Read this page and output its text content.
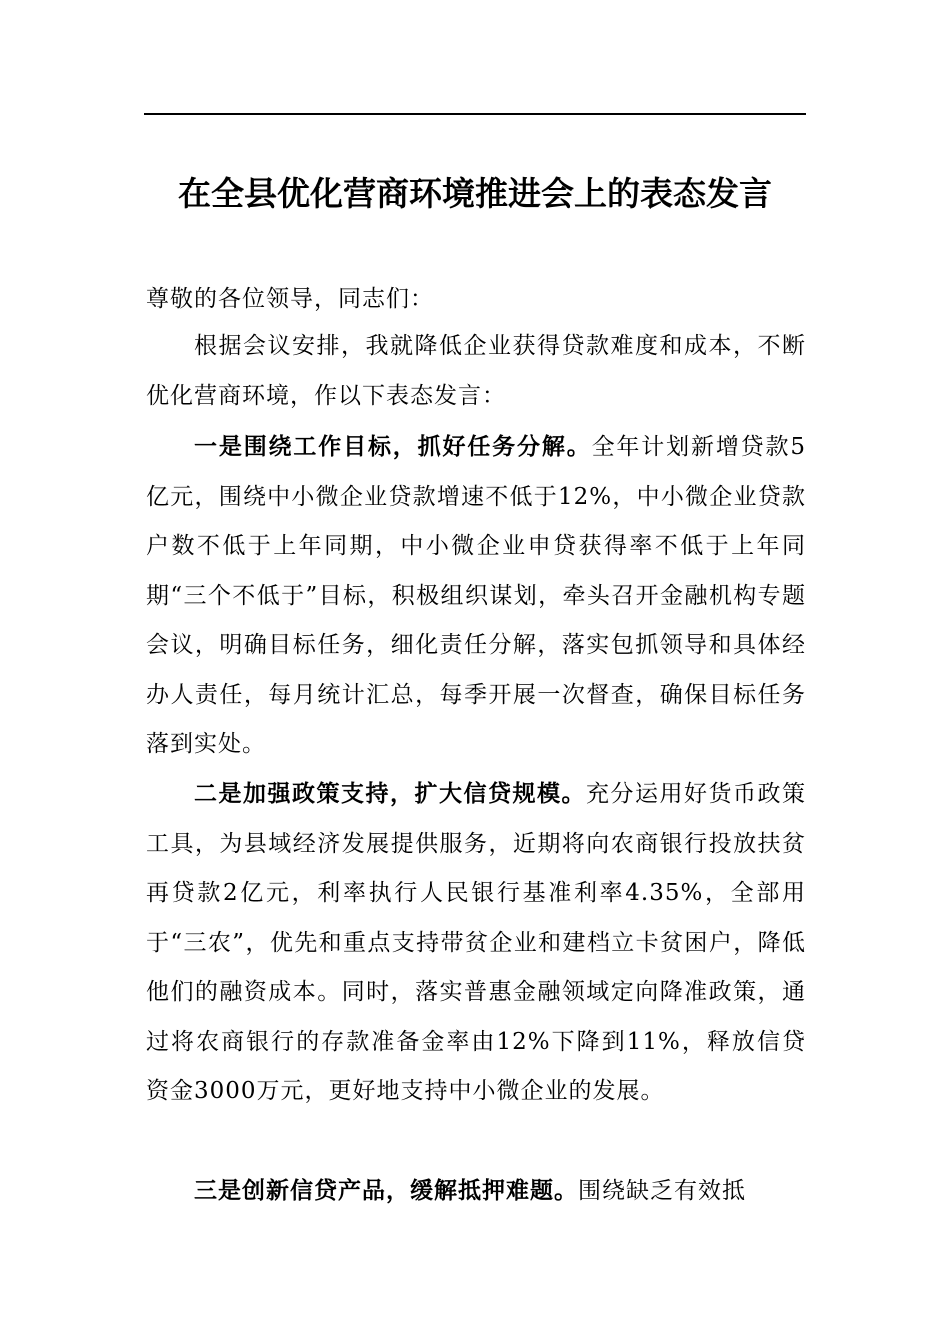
在全县优化营商环境推进会上的表态发言
尊敬的各位领导，同志们：
根据会议安排，我就降低企业获得贷款难度和成本，不断优化营商环境，作以下表态发言：
一是围绕工作目标，抓好任务分解。全年计划新增贷款5亿元，围绕中小微企业贷款增速不低于12%，中小微企业贷款户数不低于上年同期，中小微企业申贷获得率不低于上年同期“三个不低于”目标，积极组织谋划，牵头召开金融机构专题会议，明确目标任务，细化责任分解，落实包抓领导和具体经办人责任，每月统计汇总，每季开展一次督查，确保目标任务落到实处。
二是加强政策支持，扩大信贷规模。充分运用好货币政策工具，为县域经济发展提供服务，近期将向农商银行投放扶贫再贷款2亿元，利率执行人民银行基准利率4.35%，全部用于“三农”，优先和重点支持带贫企业和建档立卡贫困户，降低他们的融资成本。同时，落实普惠金融领域定向降准政策，通过将农商银行的存款准备金率由12%下降到11%，释放信贷资金3000万元，更好地支持中小微企业的发展。
三是创新信贷产品，缓解抵押难题。围绕缺乏有效抵
